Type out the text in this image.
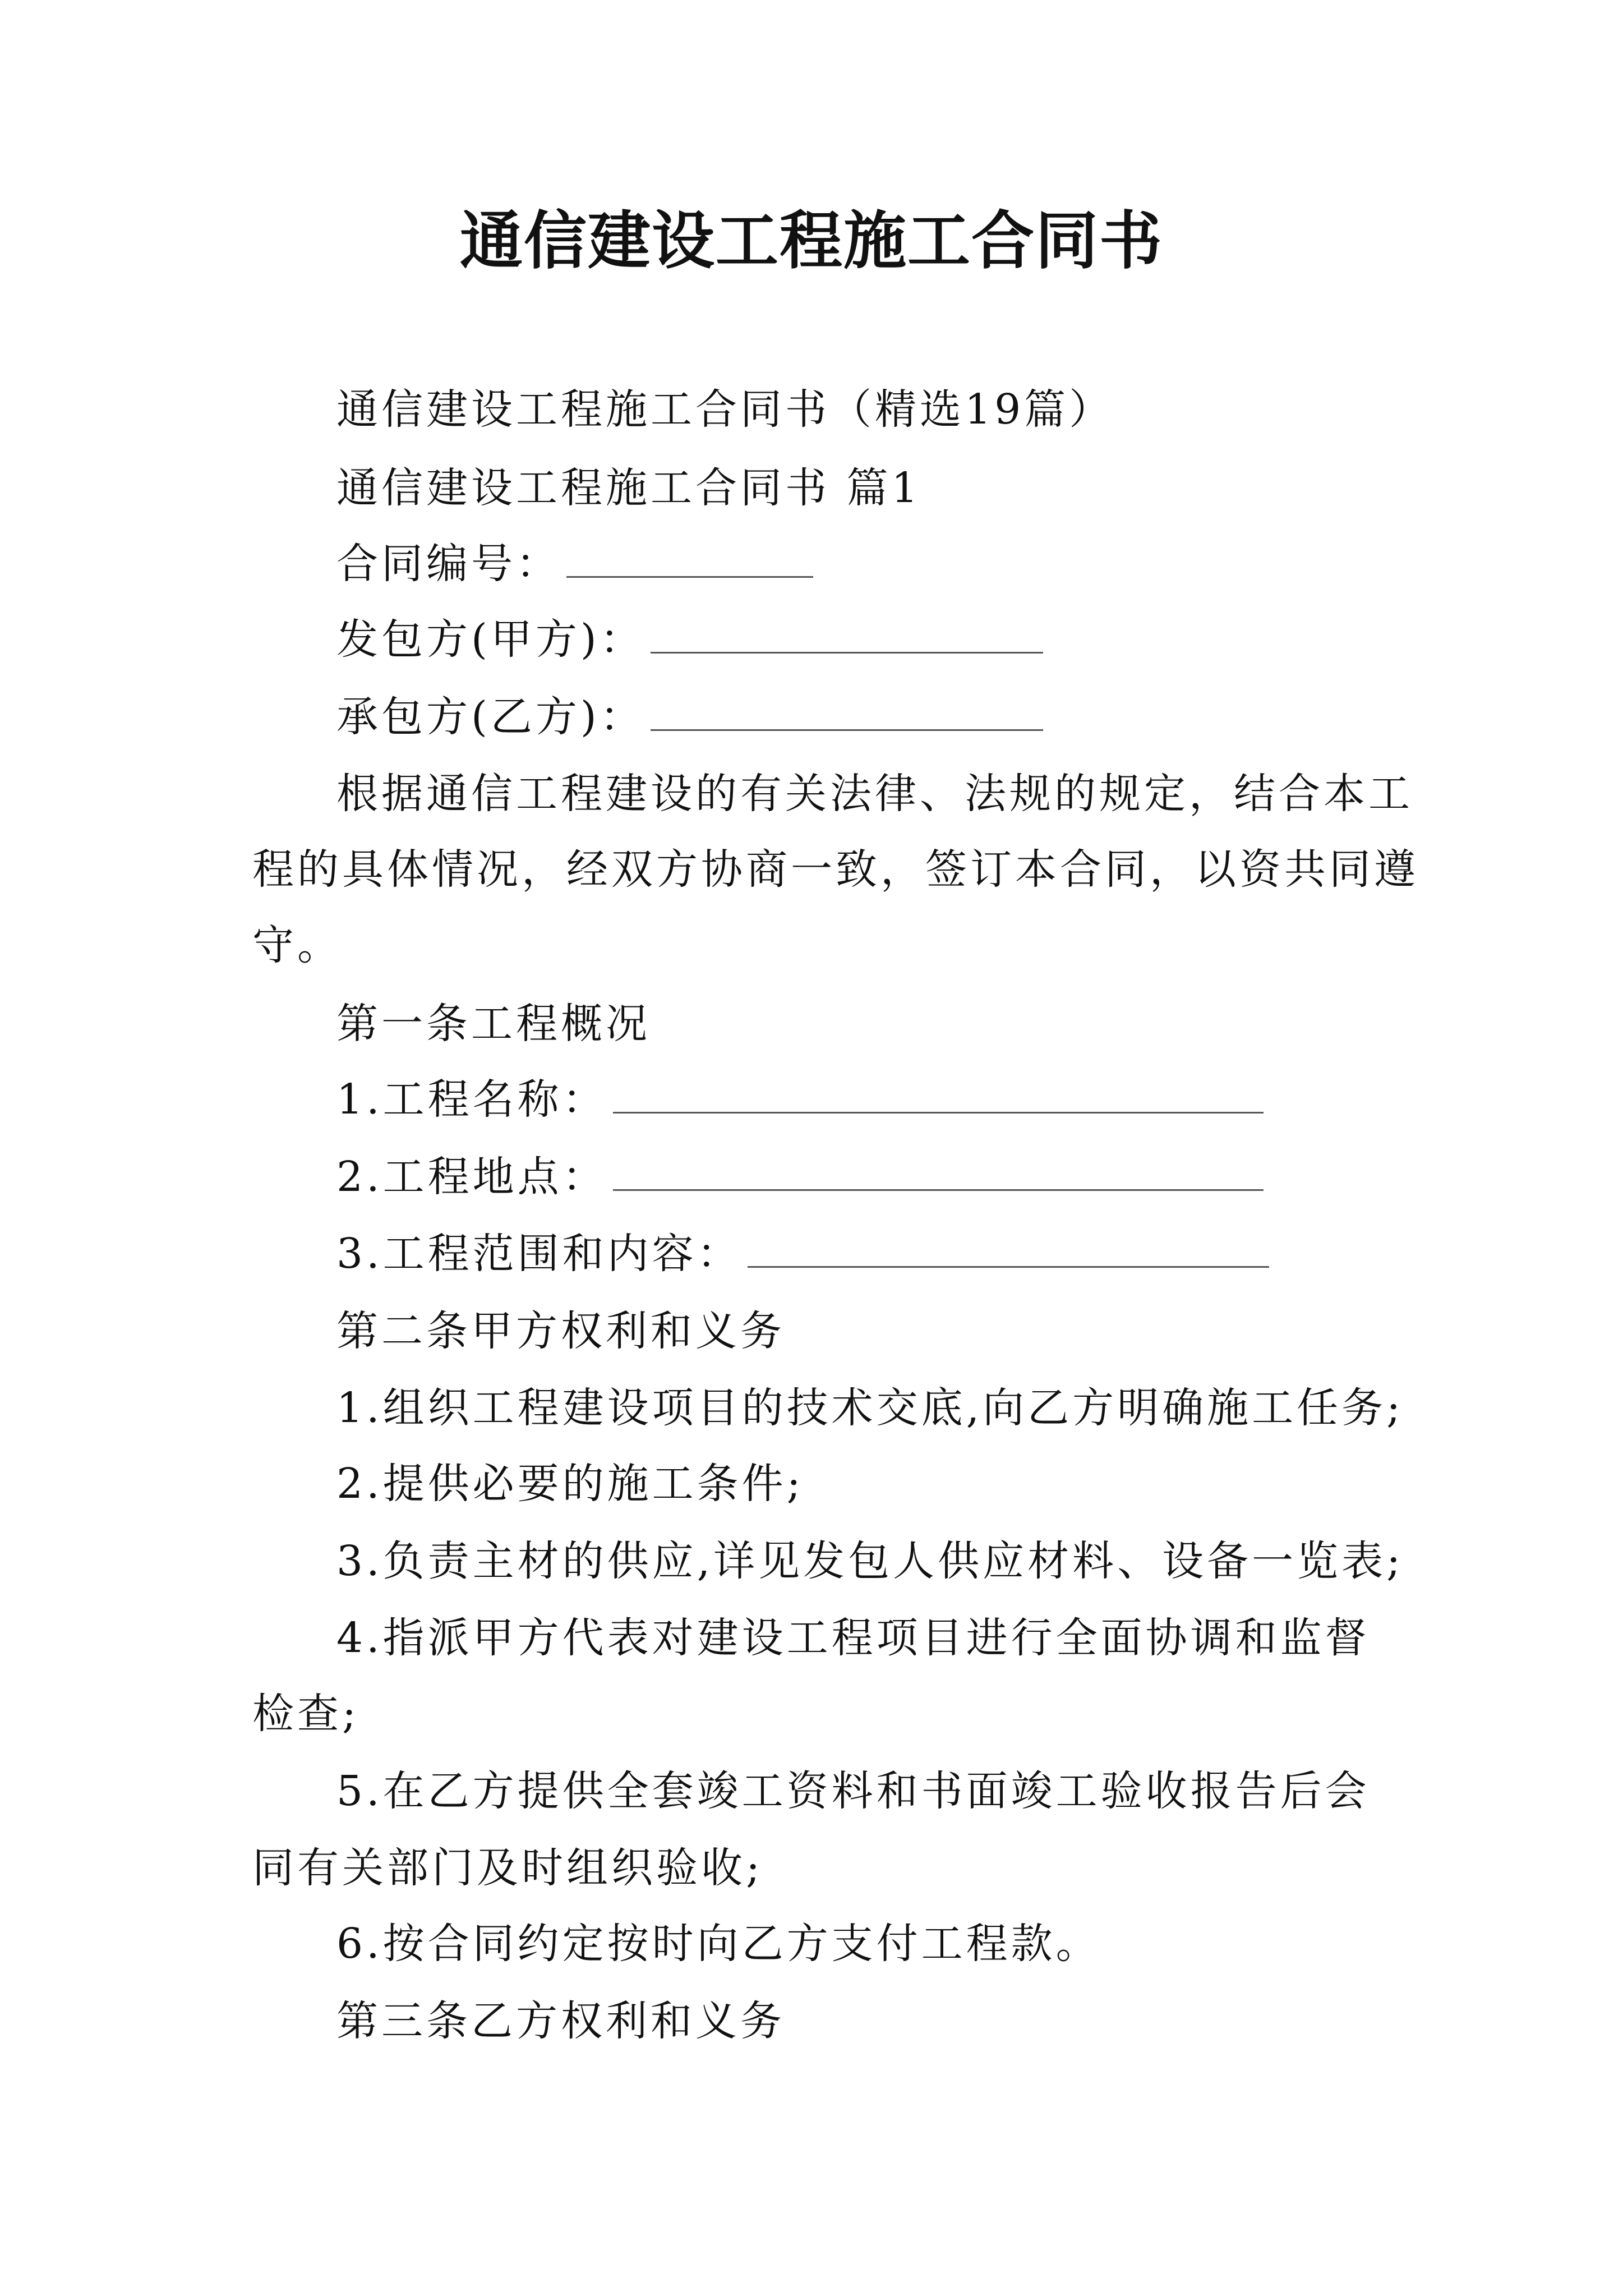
通信建设工程施工合同书
通信建设工程施工合同书（精选19篇）
通信建设工程施工合同书 篇1
合同编号：
发包方(甲方)：
承包方(乙方)：
根据通信工程建设的有关法律、法规的规定，结合本工
程的具体情况，经双方协商一致，签订本合同，以资共同遵
守。
第一条工程概况
1.工程名称：
2.工程地点：
3.工程范围和内容：
第二条甲方权利和义务
1.组织工程建设项目的技术交底,向乙方明确施工任务;
2.提供必要的施工条件;
3.负责主材的供应,详见发包人供应材料、设备一览表;
4.指派甲方代表对建设工程项目进行全面协调和监督
检查;
5.在乙方提供全套竣工资料和书面竣工验收报告后会
同有关部门及时组织验收;
6.按合同约定按时向乙方支付工程款。
第三条乙方权利和义务
